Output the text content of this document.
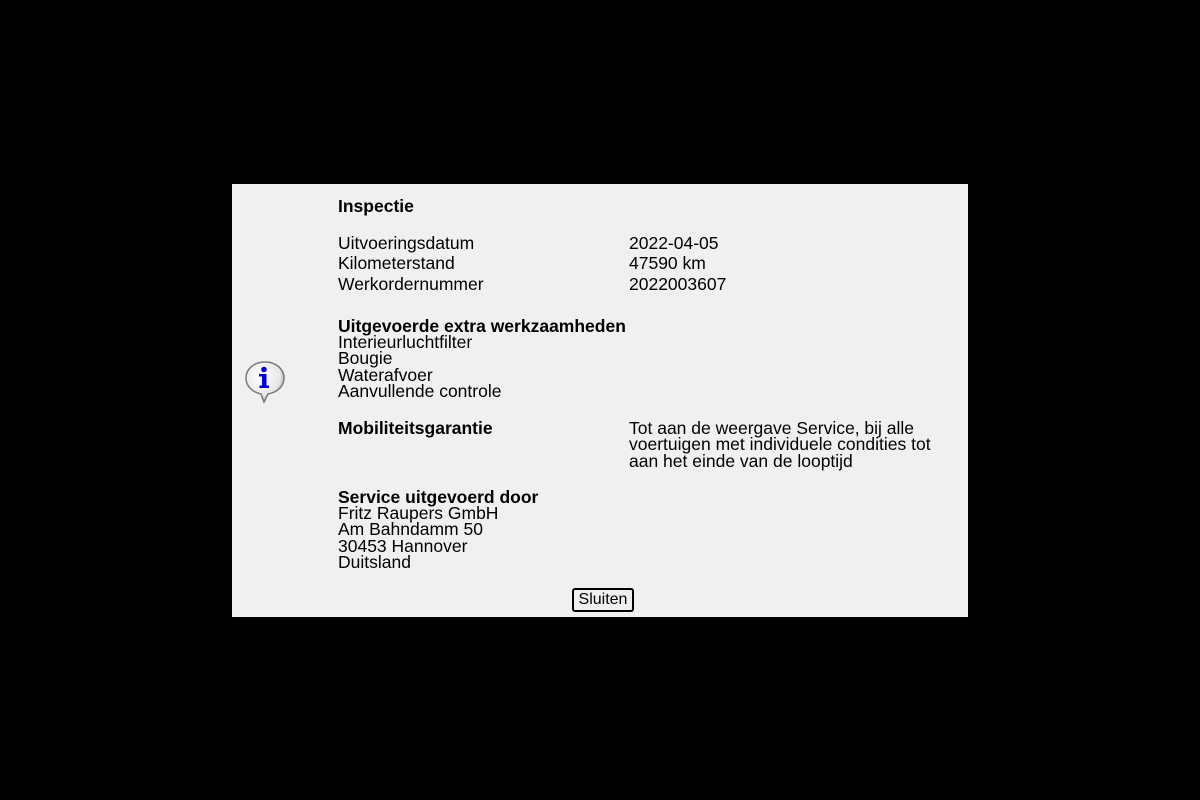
Inspectie
Uitvoeringsdatum	2022-04-05
Kilometerstand	47590 km
Werkordernummer	2022003607
Uitgevoerde extra werkzaamheden
Interieurluchtfilter
Bougie
Waterafvoer
Aanvullende controle
Mobiliteitsgarantie	Tot aan de weergave Service, bij alle
voertuigen met individuele condities tot
aan het einde van de looptijd
Service uitgevoerd door
Fritz Raupers GmbH
Am Bahndamm 50
30453 Hannover
Duitsland
Sluiten
